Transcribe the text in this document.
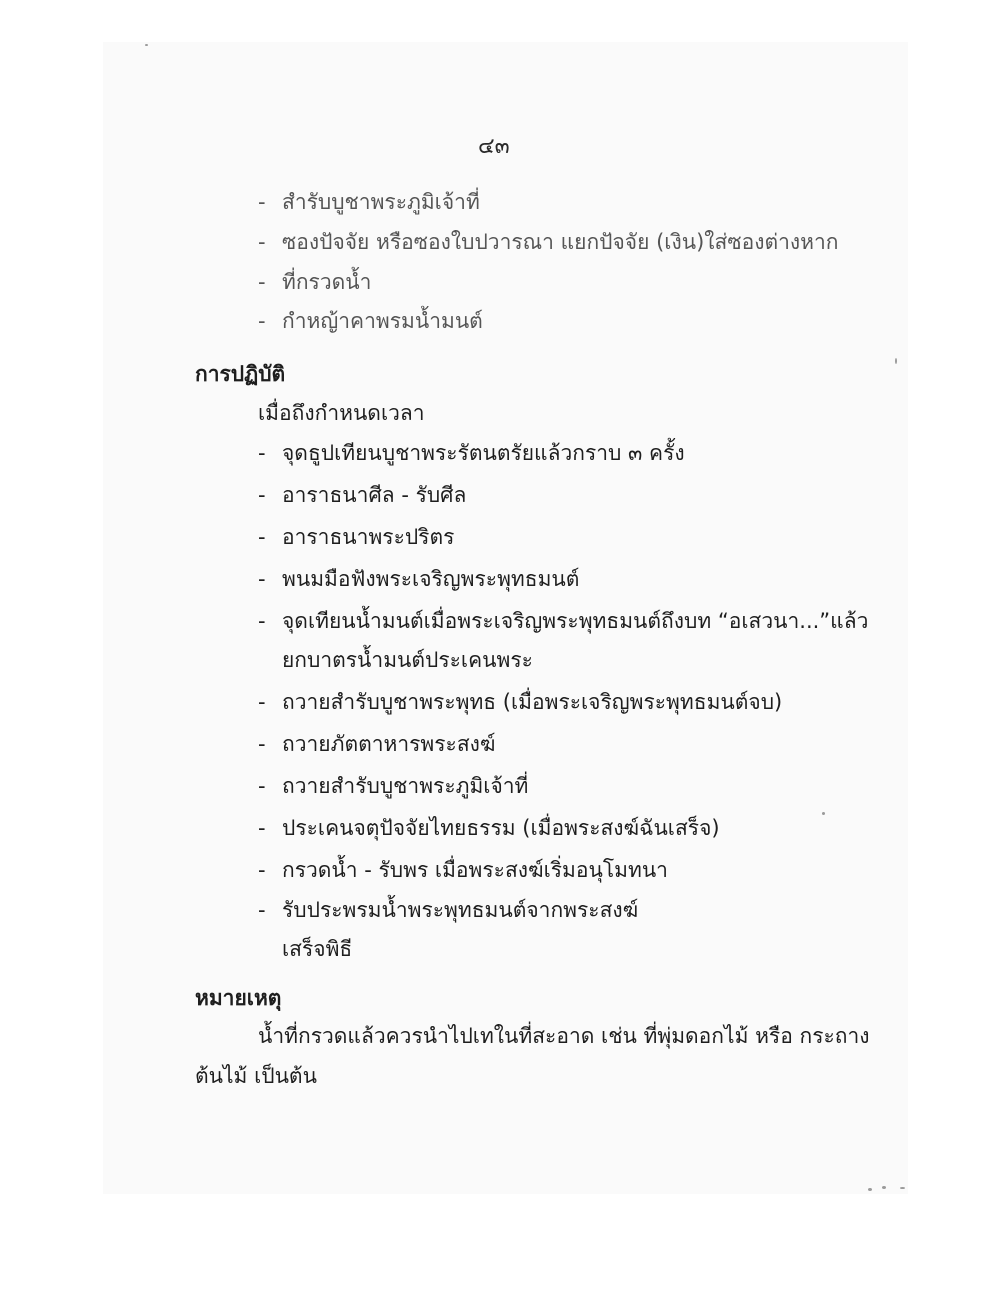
๔๓
- สำรับบูชาพระภูมิเจ้าที่
- ซองปัจจัย หรือซองใบปวารณา แยกปัจจัย (เงิน)ใส่ซองต่างหาก
- ที่กรวดน้ำ
- กำหญ้าคาพรมน้ำมนต์
การปฏิบัติ
เมื่อถึงกำหนดเวลา
- จุดธูปเทียนบูชาพระรัตนตรัยแล้วกราบ ๓ ครั้ง
- อาราธนาศีล - รับศีล
- อาราธนาพระปริตร
- พนมมือฟังพระเจริญพระพุทธมนต์
- จุดเทียนน้ำมนต์เมื่อพระเจริญพระพุทธมนต์ถึงบท “อเสวนา...”แล้ว
ยกบาตรน้ำมนต์ประเคนพระ
- ถวายสำรับบูชาพระพุทธ (เมื่อพระเจริญพระพุทธมนต์จบ)
- ถวายภัตตาหารพระสงฆ์
- ถวายสำรับบูชาพระภูมิเจ้าที่
- ประเคนจตุปัจจัยไทยธรรม (เมื่อพระสงฆ์ฉันเสร็จ)
- กรวดน้ำ - รับพร เมื่อพระสงฆ์เริ่มอนุโมทนา
- รับประพรมน้ำพระพุทธมนต์จากพระสงฆ์
เสร็จพิธี
หมายเหตุ
น้ำที่กรวดแล้วควรนำไปเทในที่สะอาด เช่น ที่พุ่มดอกไม้ หรือ กระถาง
ต้นไม้ เป็นต้น
